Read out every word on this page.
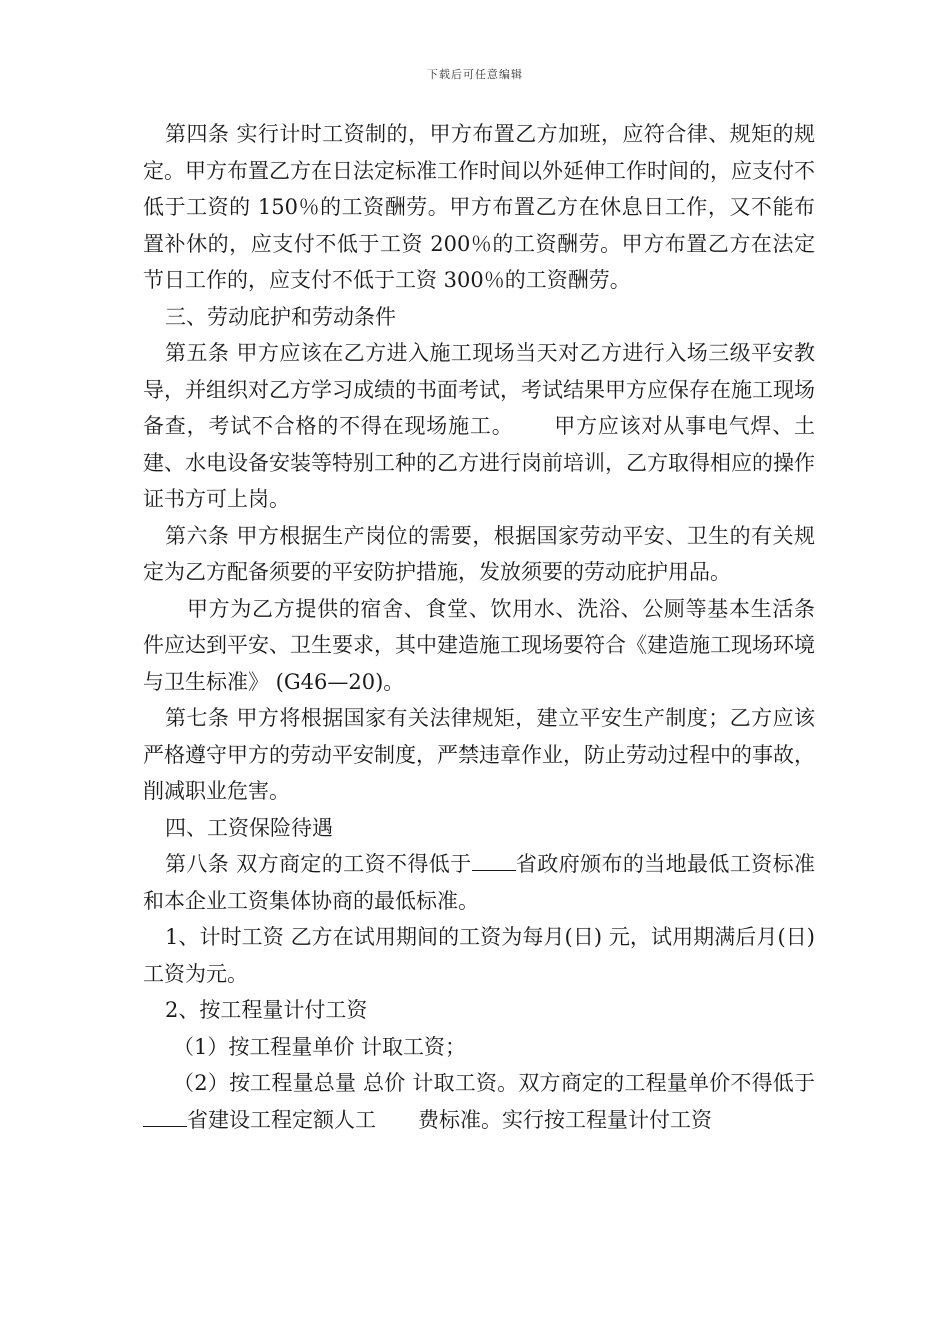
下载后可任意编辑

第四条 实行计时工资制的，甲方布置乙方加班，应符合律、规矩的规定。甲方布置乙方在日法定标准工作时间以外延伸工作时间的，应支付不低于工资的 150％的工资酬劳。甲方布置乙方在休息日工作，又不能布置补休的，应支付不低于工资 200％的工资酬劳。甲方布置乙方在法定节日工作的，应支付不低于工资 300％的工资酬劳。

三、劳动庇护和劳动条件

第五条 甲方应该在乙方进入施工现场当天对乙方进行入场三级平安教导，并组织对乙方学习成绩的书面考试，考试结果甲方应保存在施工现场备查，考试不合格的不得在现场施工。 甲方应该对从事电气焊、土建、水电设备安装等特别工种的乙方进行岗前培训，乙方取得相应的操作证书方可上岗。

第六条 甲方根据生产岗位的需要，根据国家劳动平安、卫生的有关规定为乙方配备须要的平安防护措施，发放须要的劳动庇护用品。

甲方为乙方提供的宿舍、食堂、饮用水、洗浴、公厕等基本生活条件应达到平安、卫生要求，其中建造施工现场要符合《建造施工现场环境与卫生标准》 (G46—20)。

第七条 甲方将根据国家有关法律规矩，建立平安生产制度；乙方应该严格遵守甲方的劳动平安制度，严禁违章作业，防止劳动过程中的事故，削减职业危害。

四、工资保险待遇

第八条 双方商定的工资不得低于 省政府颁布的当地最低工资标准和本企业工资集体协商的最低标准。

1、计时工资 乙方在试用期间的工资为每月(日) 元，试用期满后月(日)工资为元。

2、按工程量计付工资

（1）按工程量单价 计取工资；

（2）按工程量总量 总价 计取工资。双方商定的工程量单价不得低于省建设工程定额人工 费标准。实行按工程量计付工资
